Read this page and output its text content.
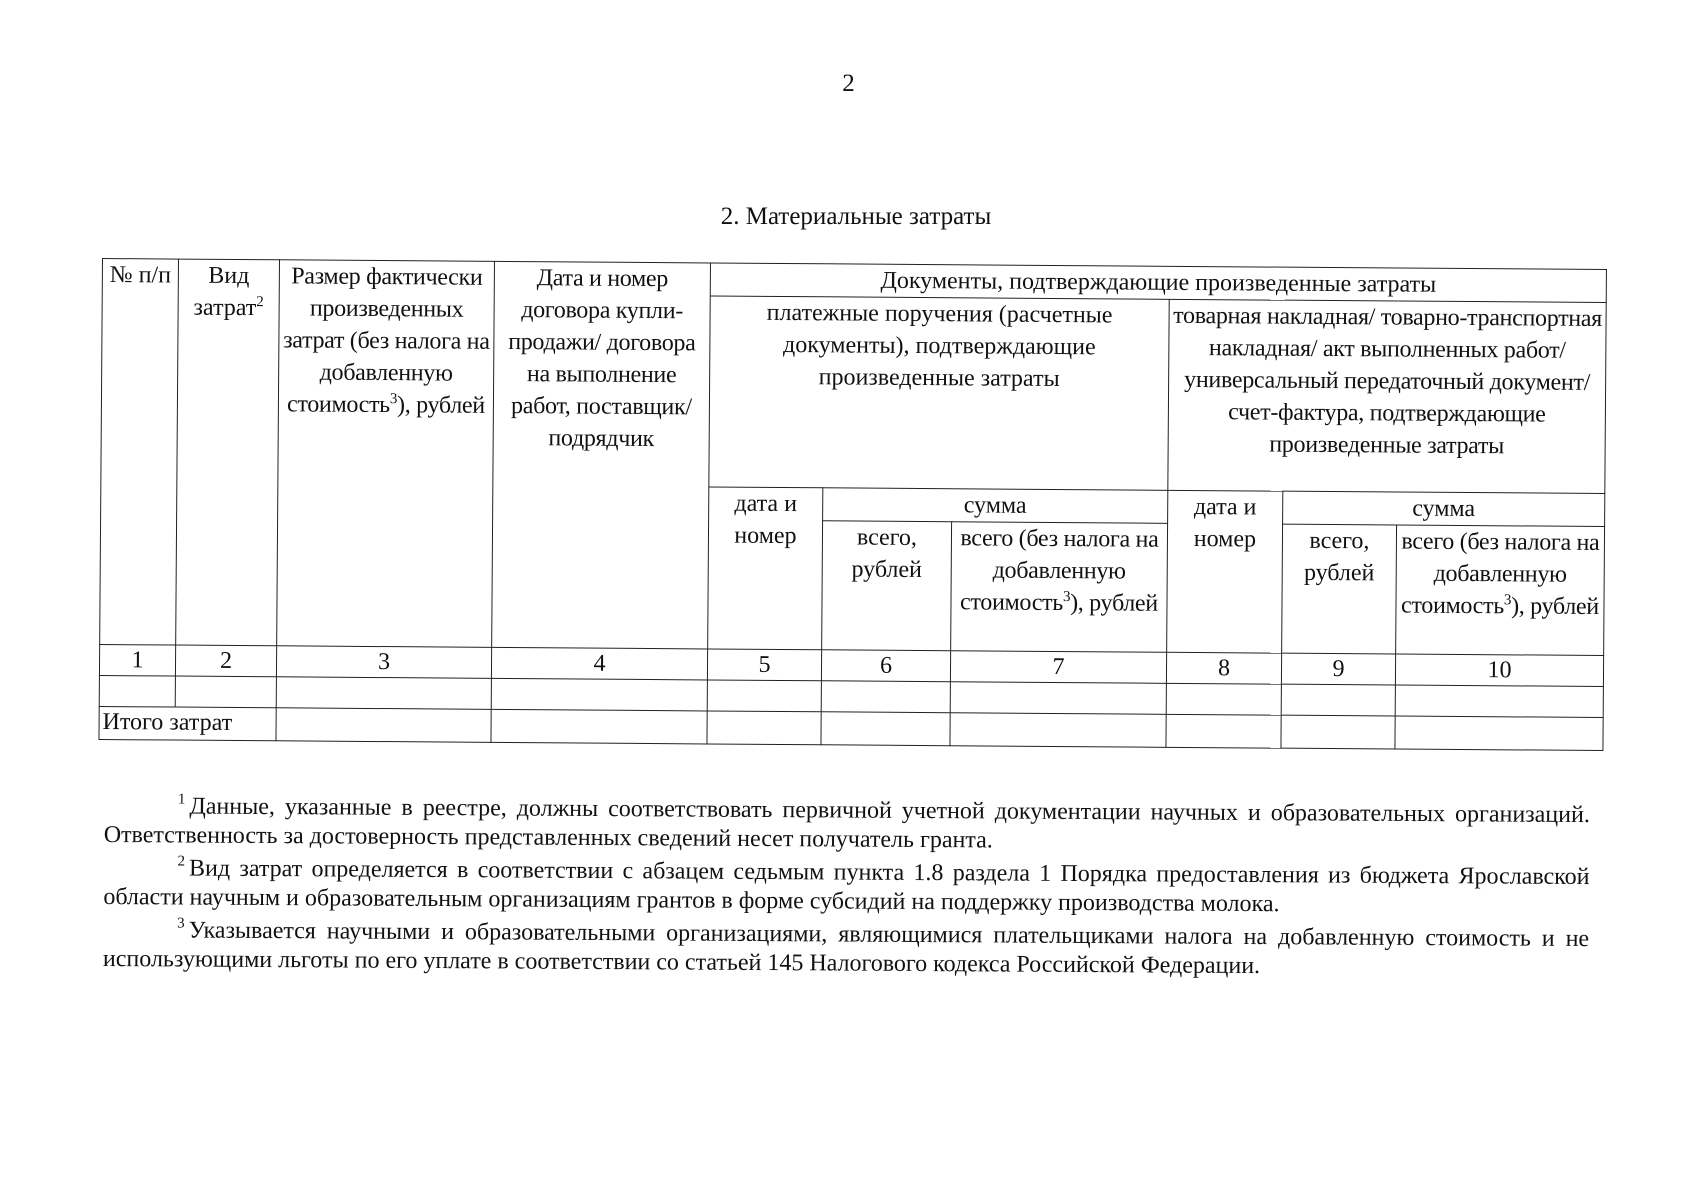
2
2. Материальные затраты
№ п/п	Вид затрат$^2$	Размер фактически произведенных затрат (без налога на добавленную стоимость$^3$), рублей	Дата и номер договора купли-продажи/ договора на выполнение работ, поставщик/ подрядчик	Документы, подтверждающие произведенные затраты					
				платежные поручения (расчетные документы), подтверждающие произведенные затраты			товарная накладная/ товарно-транспортная накладная/ акт выполненных работ/ универсальный передаточный документ/ счет-фактура, подтверждающие произведенные затраты		
				дата и номер	сумма		дата и номер	сумма	
					всего, рублей	всего (без налога на добавленную стоимость$^3$), рублей		всего, рублей	всего (без налога на добавленную стоимость$^3$), рублей
1	2	3	4	5	6	7	8	9	10

Итого затрат									

$^1$ Данные, указанные в реестре, должны соответствовать первичной учетной документации научных и образовательных организаций. Ответственность за достоверность представленных сведений несет получатель гранта.

$^2$ Вид затрат определяется в соответствии с абзацем седьмым пункта 1.8 раздела 1 Порядка предоставления из бюджета Ярославской области научным и образовательным организациям грантов в форме субсидий на поддержку производства молока.

$^3$ Указывается научными и образовательными организациями, являющимися плательщиками налога на добавленную стоимость и не использующими льготы по его уплате в соответствии со статьей 145 Налогового кодекса Российской Федерации.
